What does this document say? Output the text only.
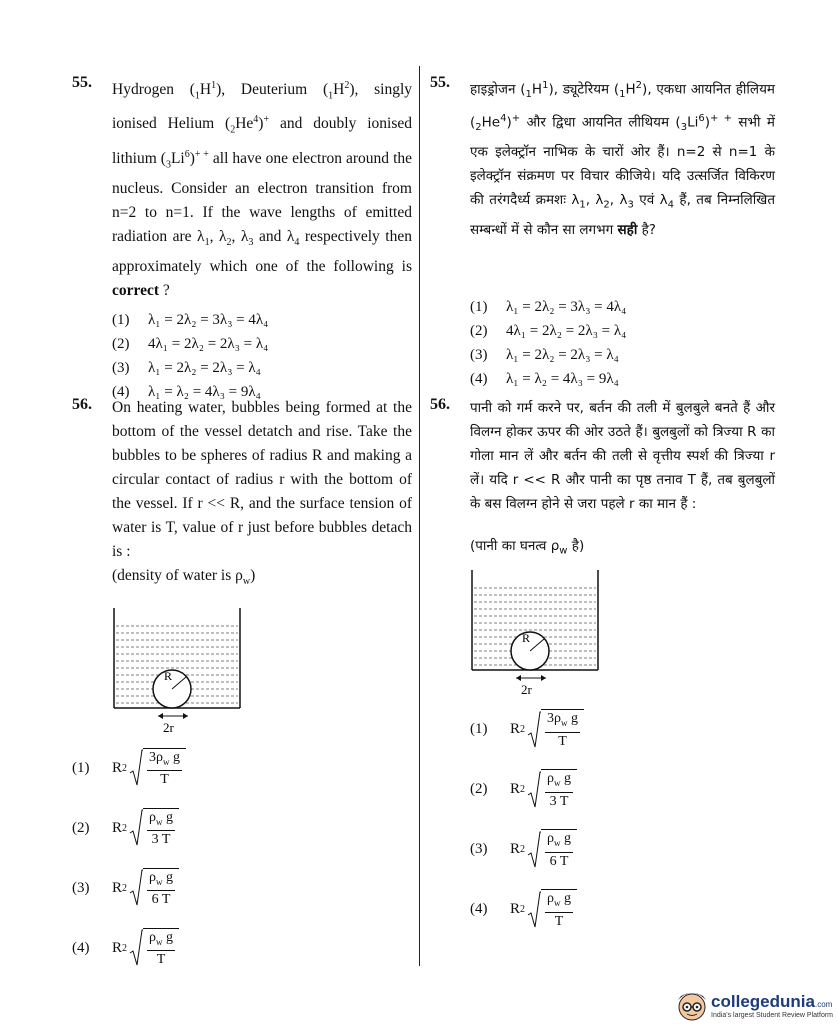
55. Hydrogen $(_1H^1)$, Deuterium $(_1H^2)$, singly ionised Helium $(_2He^4)^+$ and doubly ionised lithium $(_3Li^6)^{+ +}$ all have one electron around the nucleus. Consider an electron transition from n=2 to n=1. If the wave lengths of emitted radiation are $\lambda_1$, $\lambda_2$, $\lambda_3$ and $\lambda_4$ respectively then approximately which one of the following is correct ?
(1) λ₁ = 2λ₂ = 3λ₃ = 4λ₄
(2) 4λ₁ = 2λ₂ = 2λ₃ = λ₄
(3) λ₁ = 2λ₂ = 2λ₃ = λ₄
(4) λ₁ = λ₂ = 4λ₃ = 9λ₄
56. On heating water, bubbles being formed at the bottom of the vessel detatch and rise. Take the bubbles to be spheres of radius R and making a circular contact of radius r with the bottom of the vessel. If r << R, and the surface tension of water is T, value of r just before bubbles detach is :
(density of water is $\rho_w$)
R
2r
(1)	R $2 \frac{3\rho_w g}{T}$
(2)	R $2 \frac{\rho_w g}{3 T}$
(3)	R $2 \frac{\rho_w g}{6 T}$
(4)	R $2 \frac{\rho_w g}{T}$
55. हाइड्रोजन $(_1H^1)$, ड्यूटेरियम $(_1H^2)$, एकधा आयनित हीलियम $(_2He^4)^+$ और द्विधा आयनित लीथियम $(_3Li^6)^{+ +}$ सभी में एक इलेक्ट्रॉन नाभिक के चारों ओर हैं। n=2 से n=1 के इलेक्ट्रॉन संक्रमण पर विचार कीजिये। यदि उत्सर्जित विकिरण की तरंगदैर्ध्य क्रमशः $\lambda_1$, $\lambda_2$, $\lambda_3$ एवं $\lambda_4$ हैं, तब निम्नलिखित सम्बन्धों में से कौन सा लगभग सही है?
(1) λ₁ = 2λ₂ = 3λ₃ = 4λ₄
(2) 4λ₁ = 2λ₂ = 2λ₃ = λ₄
(3) λ₁ = 2λ₂ = 2λ₃ = λ₄
(4) λ₁ = λ₂ = 4λ₃ = 9λ₄
56. पानी को गर्म करने पर, बर्तन की तली में बुलबुले बनते हैं और विलग्न होकर ऊपर की ओर उठते हैं। बुलबुलों को त्रिज्या R का गोला मान लें और बर्तन की तली से वृत्तीय स्पर्श की त्रिज्या r लें। यदि r << R और पानी का पृष्ठ तनाव T हैं, तब बुलबुलों के बस विलग्न होने से जरा पहले r का मान हैं :
(पानी का घनत्व $\rho_w$ है)
R
2r
(1)	R $2 \frac{3\rho_w g}{T}$
(2)	R $2 \frac{\rho_w g}{3 T}$
(3)	R $2 \frac{\rho_w g}{6 T}$
(4)	R $2 \frac{\rho_w g}{T}$
collegedunia.com
India's largest Student Review Platform
